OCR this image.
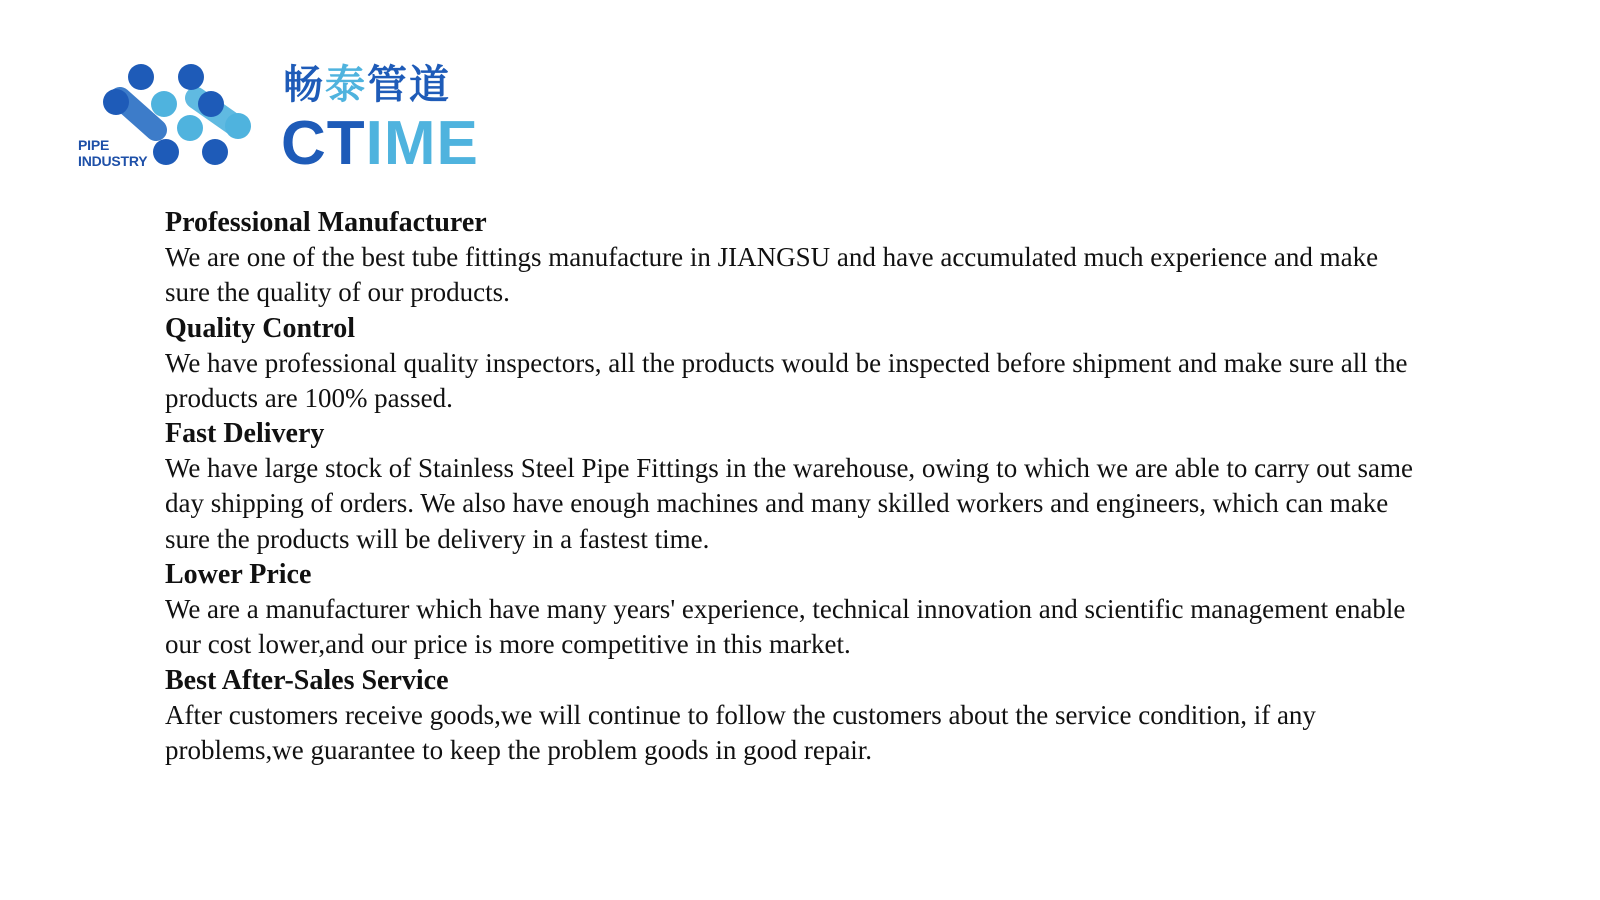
PIPE
INDUSTRY
畅泰管道
CTIME

Professional Manufacturer

We are one of the best tube fittings manufacture in JIANGSU and have accumulated much experience and make sure the quality of our products.

Quality Control

We have professional quality inspectors, all the products would be inspected before shipment and make sure all the products are 100% passed.

Fast Delivery

We have large stock of Stainless Steel Pipe Fittings in the warehouse, owing to which we are able to carry out same day shipping of orders. We also have enough machines and many skilled workers and engineers, which can make sure the products will be delivery in a fastest time.

Lower Price

We are a manufacturer which have many years' experience, technical innovation and scientific management enable our cost lower,and our price is more competitive in this market.

Best After-Sales Service

After customers receive goods,we will continue to follow the customers about the service condition, if any problems,we guarantee to keep the problem goods in good repair.
